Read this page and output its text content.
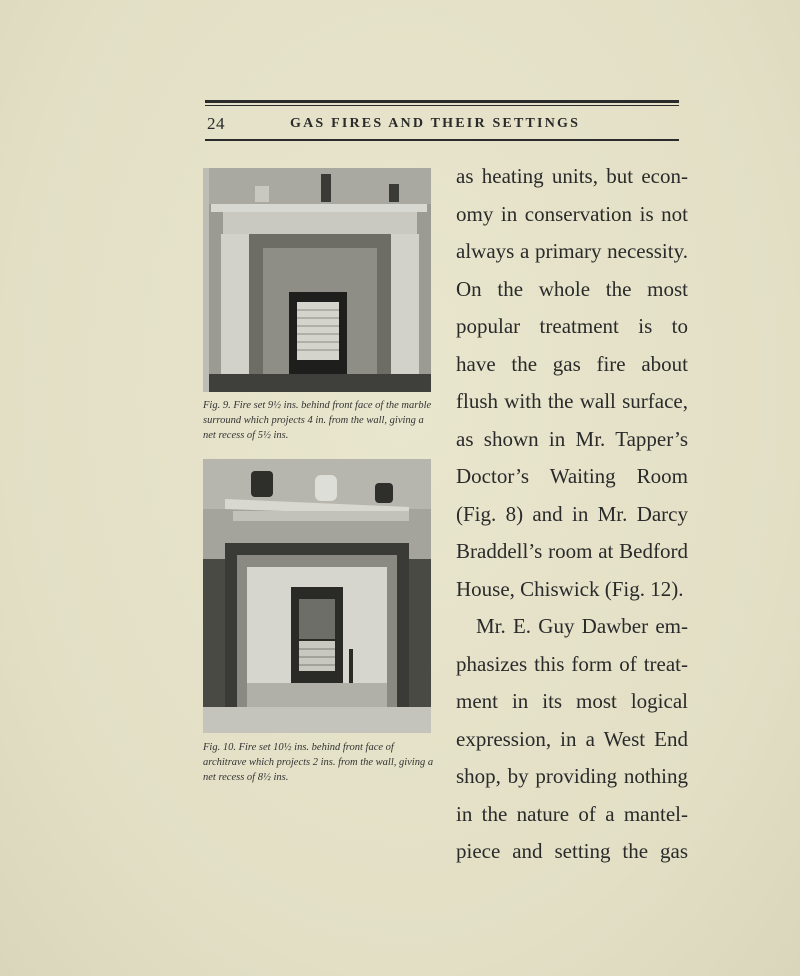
24	GAS FIRES AND THEIR SETTINGS
Fig. 9. Fire set 9½ ins. behind front face of the marble surround which projects 4 in. from the wall, giving a net recess of 5½ ins.
Fig. 10. Fire set 10½ ins. behind front face of architrave which projects 2 ins. from the wall, giving a net recess of 8½ ins.
as heating units, but econ-
omy in conservation is not
always a primary necessity.
On the whole the most
popular treatment is to
have the gas fire about
flush with the wall surface,
as shown in Mr. Tapper’s
Doctor’s Waiting Room
(Fig. 8) and in Mr. Darcy
Braddell’s room at Bedford
House, Chiswick (Fig. 12).
Mr. E. Guy Dawber em-
phasizes this form of treat-
ment in its most logical
expression, in a West End
shop, by providing nothing
in the nature of a mantel-
piece and setting the gas
